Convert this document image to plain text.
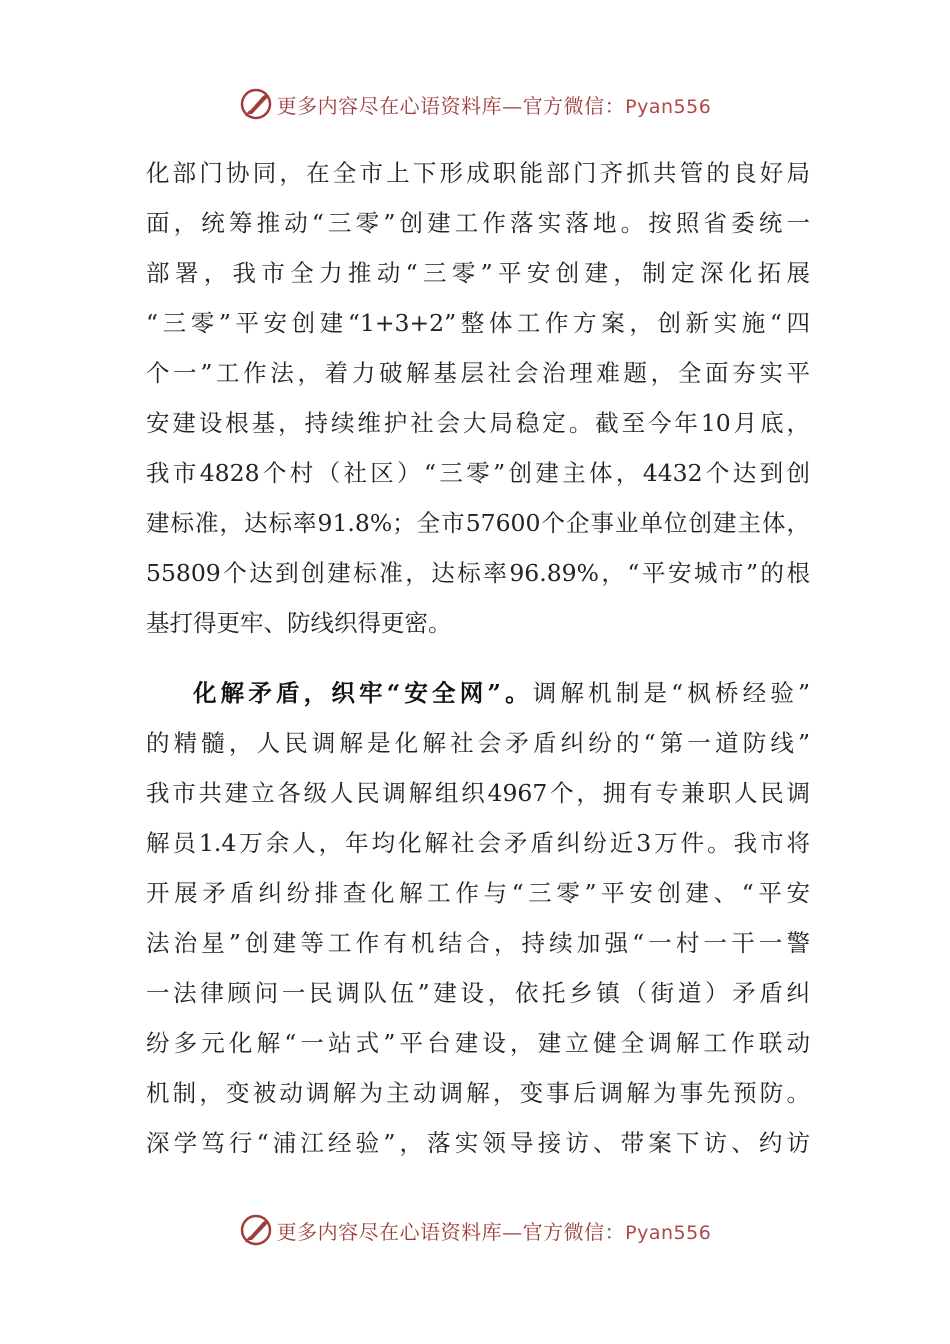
更多内容尽在心语资料库—官方微信：Pyan556
化部门协同，在全市上下形成职能部门齐抓共管的良好局
面，统筹推动“三零”创建工作落实落地。按照省委统一
部署，我市全力推动“三零”平安创建，制定深化拓展
“三零”平安创建“1+3+2”整体工作方案，创新实施“四
个一”工作法，着力破解基层社会治理难题，全面夯实平
安建设根基，持续维护社会大局稳定。截至今年10月底，
我市4828个村（社区）“三零”创建主体，4432个达到创
建标准，达标率91.8%；全市57600个企事业单位创建主体，
55809个达到创建标准，达标率96.89%，“平安城市”的根
基打得更牢、防线织得更密。
化解矛盾，织牢“安全网”。调解机制是“枫桥经验”
的精髓，人民调解是化解社会矛盾纠纷的“第一道防线”
我市共建立各级人民调解组织4967个，拥有专兼职人民调
解员1.4万余人，年均化解社会矛盾纠纷近3万件。我市将
开展矛盾纠纷排查化解工作与“三零”平安创建、“平安
法治星”创建等工作有机结合，持续加强“一村一干一警
一法律顾问一民调队伍”建设，依托乡镇（街道）矛盾纠
纷多元化解“一站式”平台建设，建立健全调解工作联动
机制，变被动调解为主动调解，变事后调解为事先预防。
深学笃行“浦江经验”，落实领导接访、带案下访、约访
更多内容尽在心语资料库—官方微信：Pyan556
